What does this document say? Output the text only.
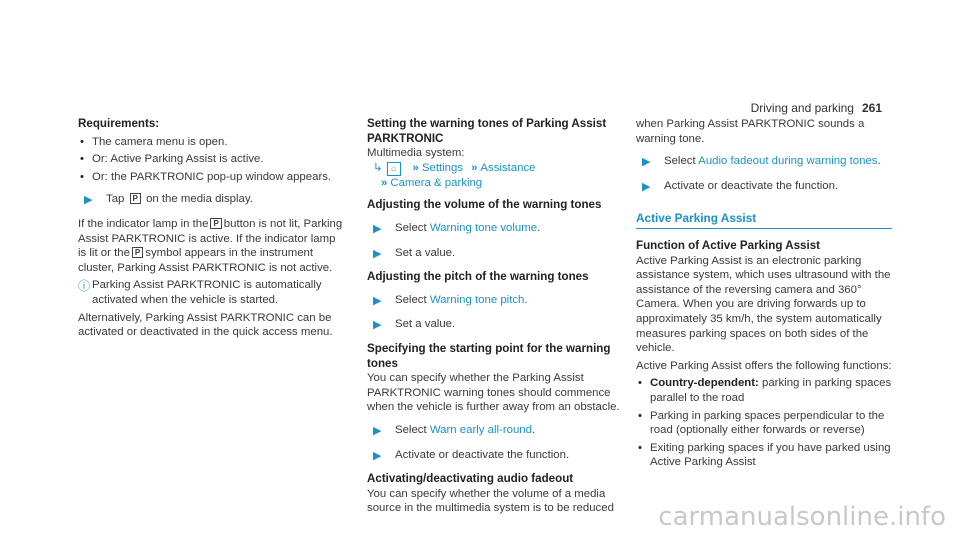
Driving and parking 261
Requirements:
• The camera menu is open.
• Or: Active Parking Assist is active.
• Or: the PARKTRONIC pop-up window appears.
▶ Tap P on the media display.

If the indicator lamp in the P button is not lit, Parking Assist PARKTRONIC is active. If the indicator lamp is lit or the P symbol appears in the instrument cluster, Parking Assist PARKTRONIC is not active.

ⓘ Parking Assist PARKTRONIC is automatically activated when the vehicle is started.

Alternatively, Parking Assist PARKTRONIC can be activated or deactivated in the quick access menu.

Setting the warning tones of Parking Assist
PARKTRONIC
Multimedia system:
↳ ⌂ » Settings » Assistance
» Camera & parking
Adjusting the volume of the warning tones
▶ Select Warning tone volume.
▶ Set a value.
Adjusting the pitch of the warning tones
▶ Select Warning tone pitch.
▶ Set a value.
Specifying the starting point for the warning tones

You can specify whether the Parking Assist PARKTRONIC warning tones should commence when the vehicle is further away from an obstacle.

▶ Select Warn early all-round.
▶ Activate or deactivate the function.
Activating/deactivating audio fadeout

You can specify whether the volume of a media source in the multimedia system is to be reduced

when Parking Assist PARKTRONIC sounds a warning tone.

▶ Select Audio fadeout during warning tones.
▶ Activate or deactivate the function.
Active Parking Assist
Function of Active Parking Assist

Active Parking Assist is an electronic parking assistance system, which uses ultrasound with the assistance of the reversing camera and 360° Camera. When you are driving forwards up to approximately 35 km/h, the system automatically measures parking spaces on both sides of the vehicle.

Active Parking Assist offers the following functions:

• Country-dependent: parking in parking spaces parallel to the road
• Parking in parking spaces perpendicular to the road (optionally either forwards or reverse)
• Exiting parking spaces if you have parked using Active Parking Assist
carmanualsonline.info
